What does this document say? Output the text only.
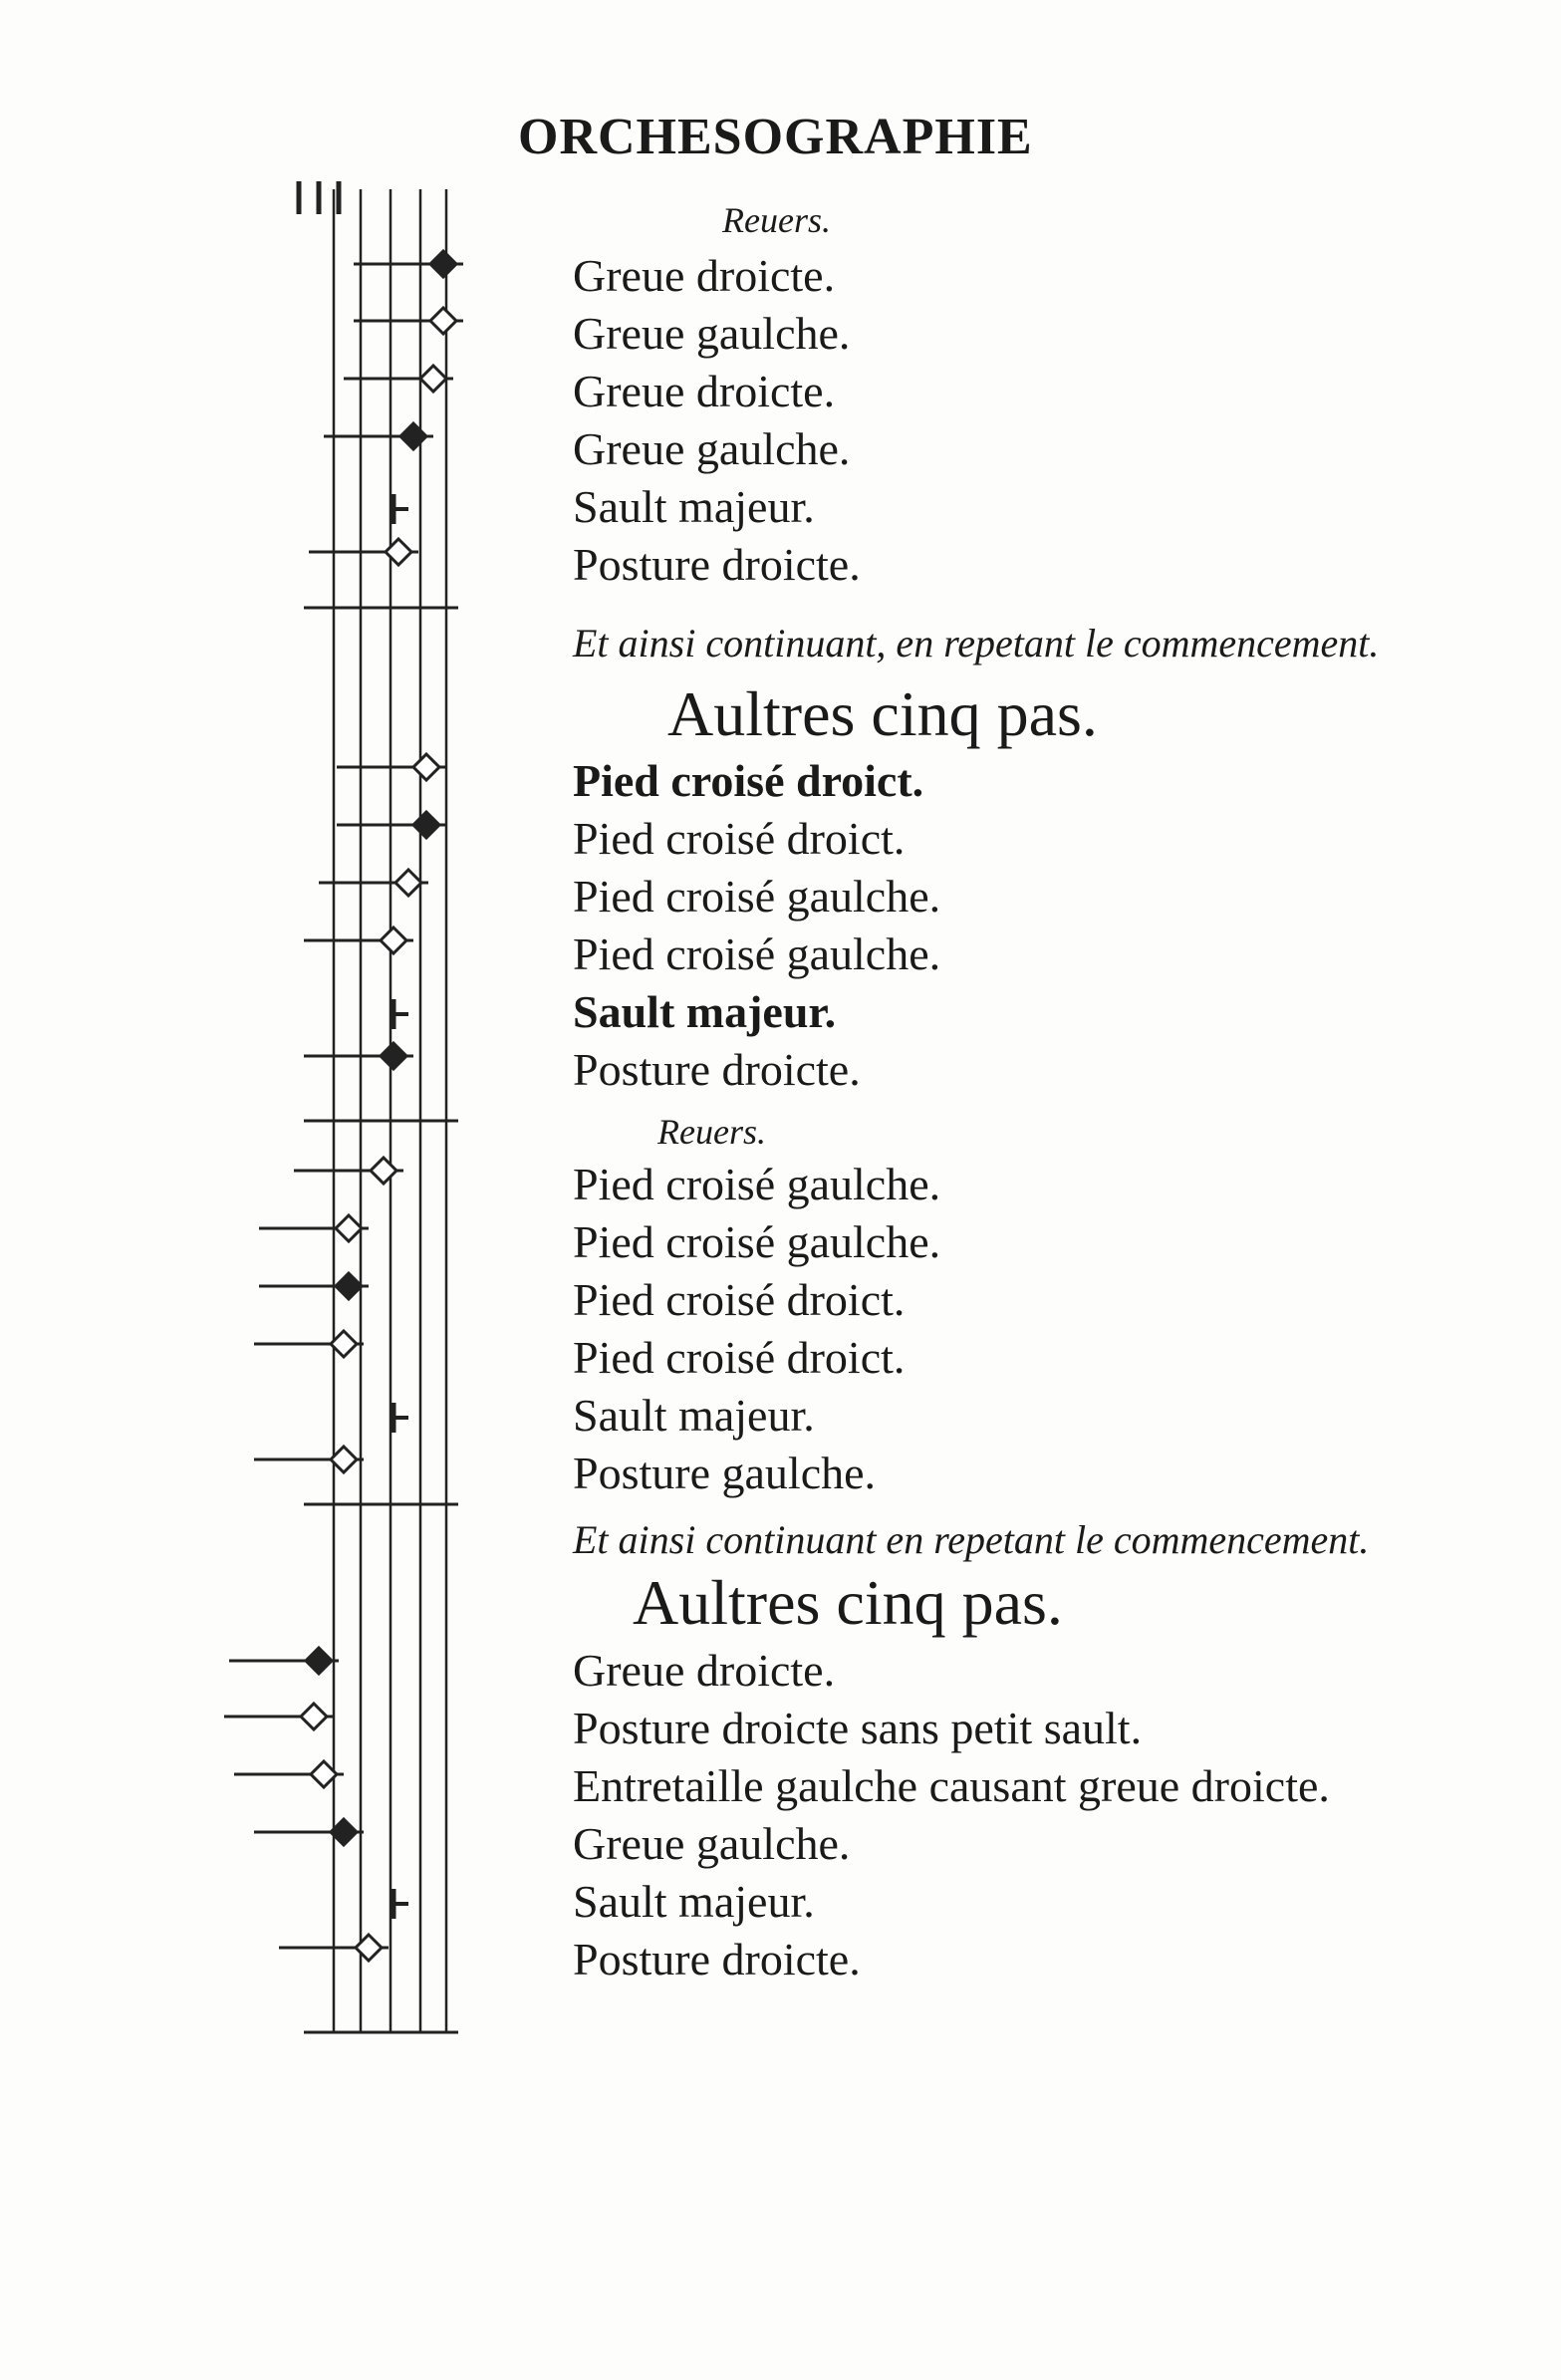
ORCHESOGRAPHIE
Reuers.
Greue droicte.
Greue gaulche.
Greue droicte.
Greue gaulche.
Sault majeur.
Posture droicte.
Et ainsi continuant, en repetant le commencement.
Aultres cinq pas.
Pied croisé droict.
Pied croisé droict.
Pied croisé gaulche.
Pied croisé gaulche.
Sault majeur.
Posture droicte.
Reuers.
Pied croisé gaulche.
Pied croisé gaulche.
Pied croisé droict.
Pied croisé droict.
Sault majeur.
Posture gaulche.
Et ainsi continuant en repetant le commencement.
Aultres cinq pas.
Greue droicte.
Posture droicte sans petit sault.
Entretaille gaulche causant greue droicte.
Greue gaulche.
Sault majeur.
Posture droicte.
